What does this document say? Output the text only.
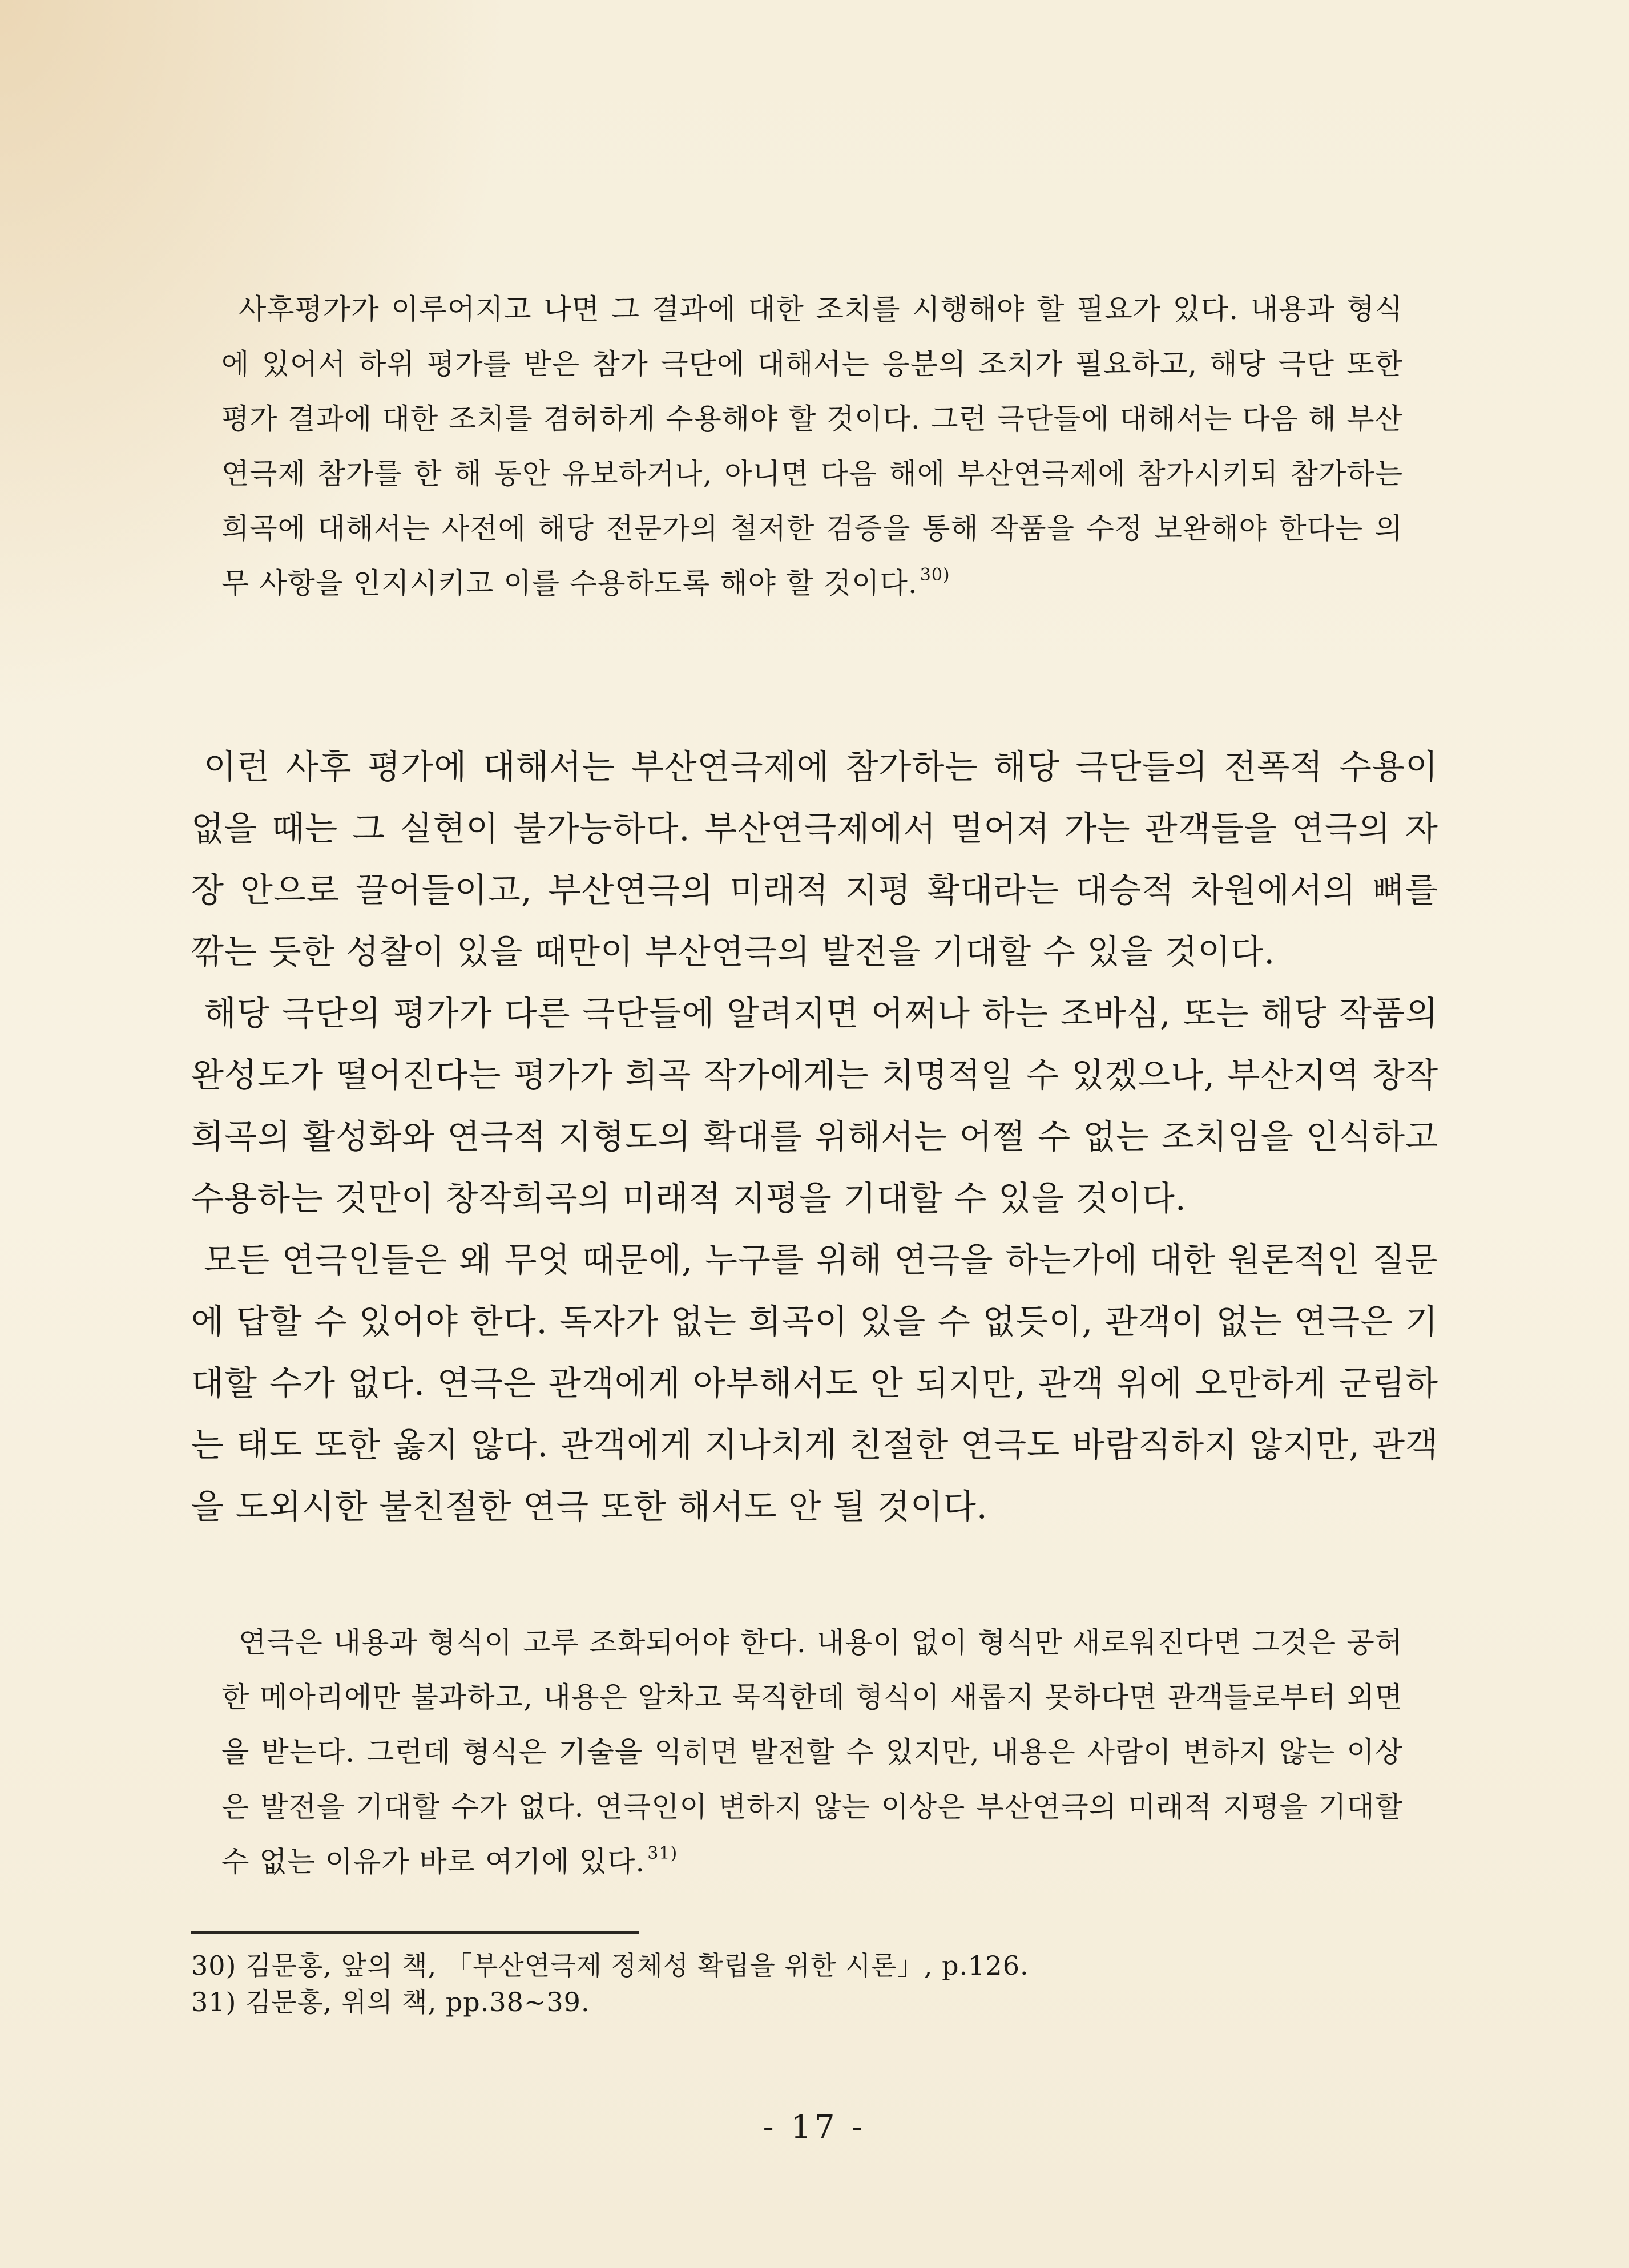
사후평가가 이루어지고 나면 그 결과에 대한 조치를 시행해야 할 필요가 있다. 내용과 형식에 있어서 하위 평가를 받은 참가 극단에 대해서는 응분의 조치가 필요하고, 해당 극단 또한 평가 결과에 대한 조치를 겸허하게 수용해야 할 것이다. 그런 극단들에 대해서는 다음 해 부산연극제 참가를 한 해 동안 유보하거나, 아니면 다음 해에 부산연극제에 참가시키되 참가하는 희곡에 대해서는 사전에 해당 전문가의 철저한 검증을 통해 작품을 수정 보완해야 한다는 의무 사항을 인지시키고 이를 수용하도록 해야 할 것이다. $^{30)}$

이런 사후 평가에 대해서는 부산연극제에 참가하는 해당 극단들의 전폭적 수용이 없을 때는 그 실현이 불가능하다. 부산연극제에서 멀어져 가는 관객들을 연극의 자장 안으로 끌어들이고, 부산연극의 미래적 지평 확대라는 대승적 차원에서의 뼈를 깎는 듯한 성찰이 있을 때만이 부산연극의 발전을 기대할 수 있을 것이다.

해당 극단의 평가가 다른 극단들에 알려지면 어쩌나 하는 조바심, 또는 해당 작품의 완성도가 떨어진다는 평가가 희곡 작가에게는 치명적일 수 있겠으나, 부산지역 창작희곡의 활성화와 연극적 지형도의 확대를 위해서는 어쩔 수 없는 조치임을 인식하고 수용하는 것만이 창작희곡의 미래적 지평을 기대할 수 있을 것이다.

모든 연극인들은 왜 무엇 때문에, 누구를 위해 연극을 하는가에 대한 원론적인 질문에 답할 수 있어야 한다. 독자가 없는 희곡이 있을 수 없듯이, 관객이 없는 연극은 기대할 수가 없다. 연극은 관객에게 아부해서도 안 되지만, 관객 위에 오만하게 군림하는 태도 또한 옳지 않다. 관객에게 지나치게 친절한 연극도 바람직하지 않지만, 관객을 도외시한 불친절한 연극 또한 해서도 안 될 것이다.

연극은 내용과 형식이 고루 조화되어야 한다. 내용이 없이 형식만 새로워진다면 그것은 공허한 메아리에만 불과하고, 내용은 알차고 묵직한데 형식이 새롭지 못하다면 관객들로부터 외면을 받는다. 그런데 형식은 기술을 익히면 발전할 수 있지만, 내용은 사람이 변하지 않는 이상은 발전을 기대할 수가 없다. 연극인이 변하지 않는 이상은 부산연극의 미래적 지평을 기대할 수 없는 이유가 바로 여기에 있다. $^{31)}$

30) 김문홍, 앞의 책, 「부산연극제 정체성 확립을 위한 시론」, p.126.

31) 김문홍, 위의 책, pp.38~39.

- 17 -
